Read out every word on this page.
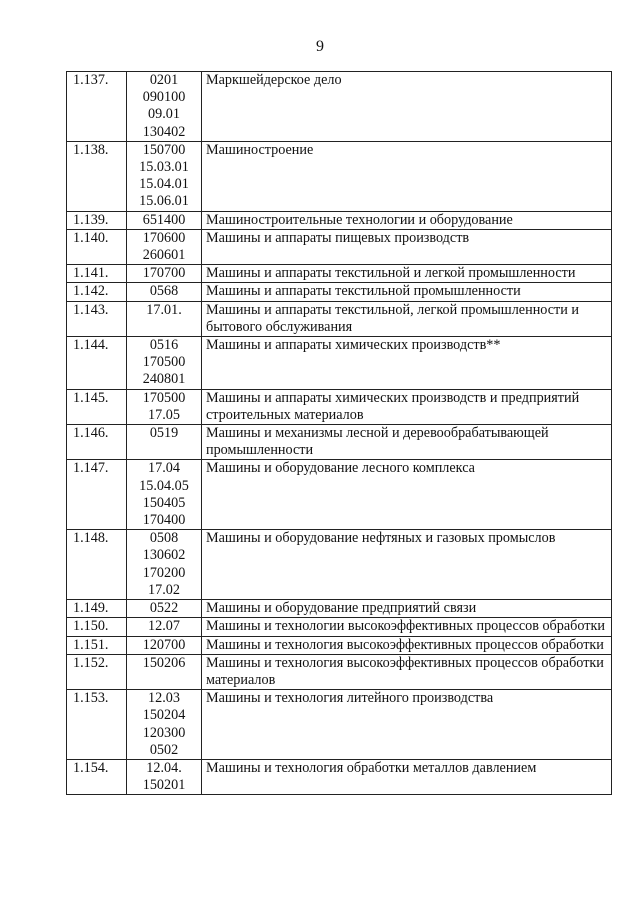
9
1.137.	0201
090100
09.01
130402	Маркшейдерское дело
1.138.	150700
15.03.01
15.04.01
15.06.01	Машиностроение
1.139.	651400	Машиностроительные технологии и оборудование
1.140.	170600
260601	Машины и аппараты пищевых производств
1.141.	170700	Машины и аппараты текстильной и легкой промышленности
1.142.	0568	Машины и аппараты текстильной промышленности
1.143.	17.01.	Машины и аппараты текстильной, легкой промышленности и бытового обслуживания
1.144.	0516
170500
240801	Машины и аппараты химических производств**
1.145.	170500
17.05	Машины и аппараты химических производств и предприятий строительных материалов
1.146.	0519	Машины и механизмы лесной и деревообрабатывающей промышленности
1.147.	17.04
15.04.05
150405
170400	Машины и оборудование лесного комплекса
1.148.	0508
130602
170200
17.02	Машины и оборудование нефтяных и газовых промыслов
1.149.	0522	Машины и оборудование предприятий связи
1.150.	12.07	Машины и технологии высокоэффективных процессов обработки
1.151.	120700	Машины и технология высокоэффективных процессов обработки
1.152.	150206	Машины и технология высокоэффективных процессов обработки материалов
1.153.	12.03
150204
120300
0502	Машины и технология литейного производства
1.154.	12.04.
150201	Машины и технология обработки металлов давлением
